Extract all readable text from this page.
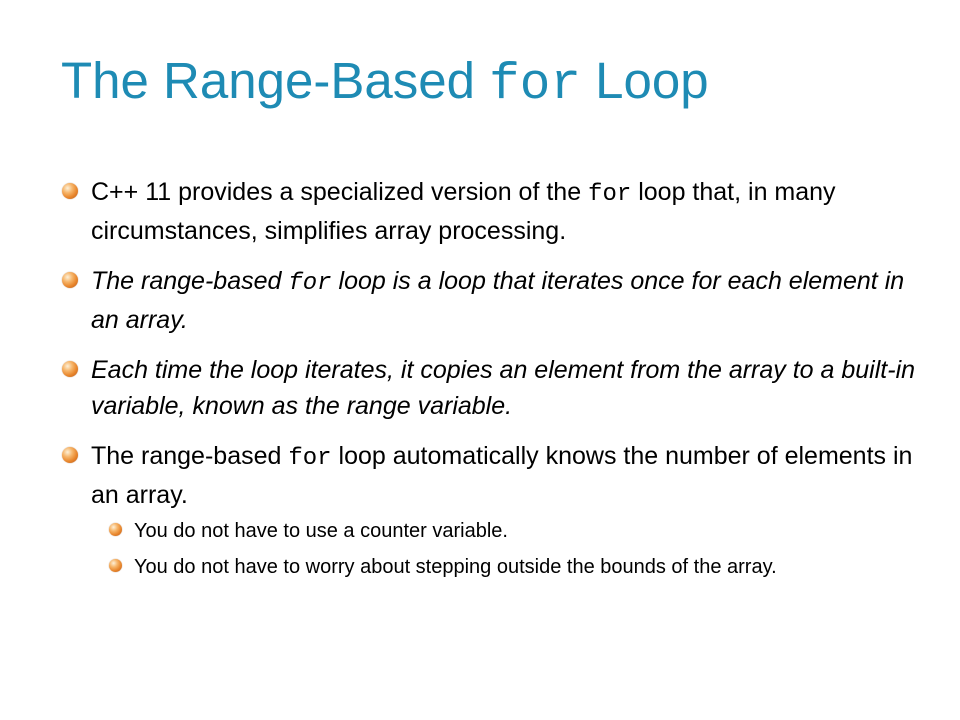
The Range-Based for Loop
C++ 11 provides a specialized version of the for loop that, in many circumstances, simplifies array processing.
The range-based for loop is a loop that iterates once for each element in an array.
Each time the loop iterates, it copies an element from the array to a built-in variable, known as the range variable.
The range-based for loop automatically knows the number of elements in an array.
You do not have to use a counter variable.
You do not have to worry about stepping outside the bounds of the array.
